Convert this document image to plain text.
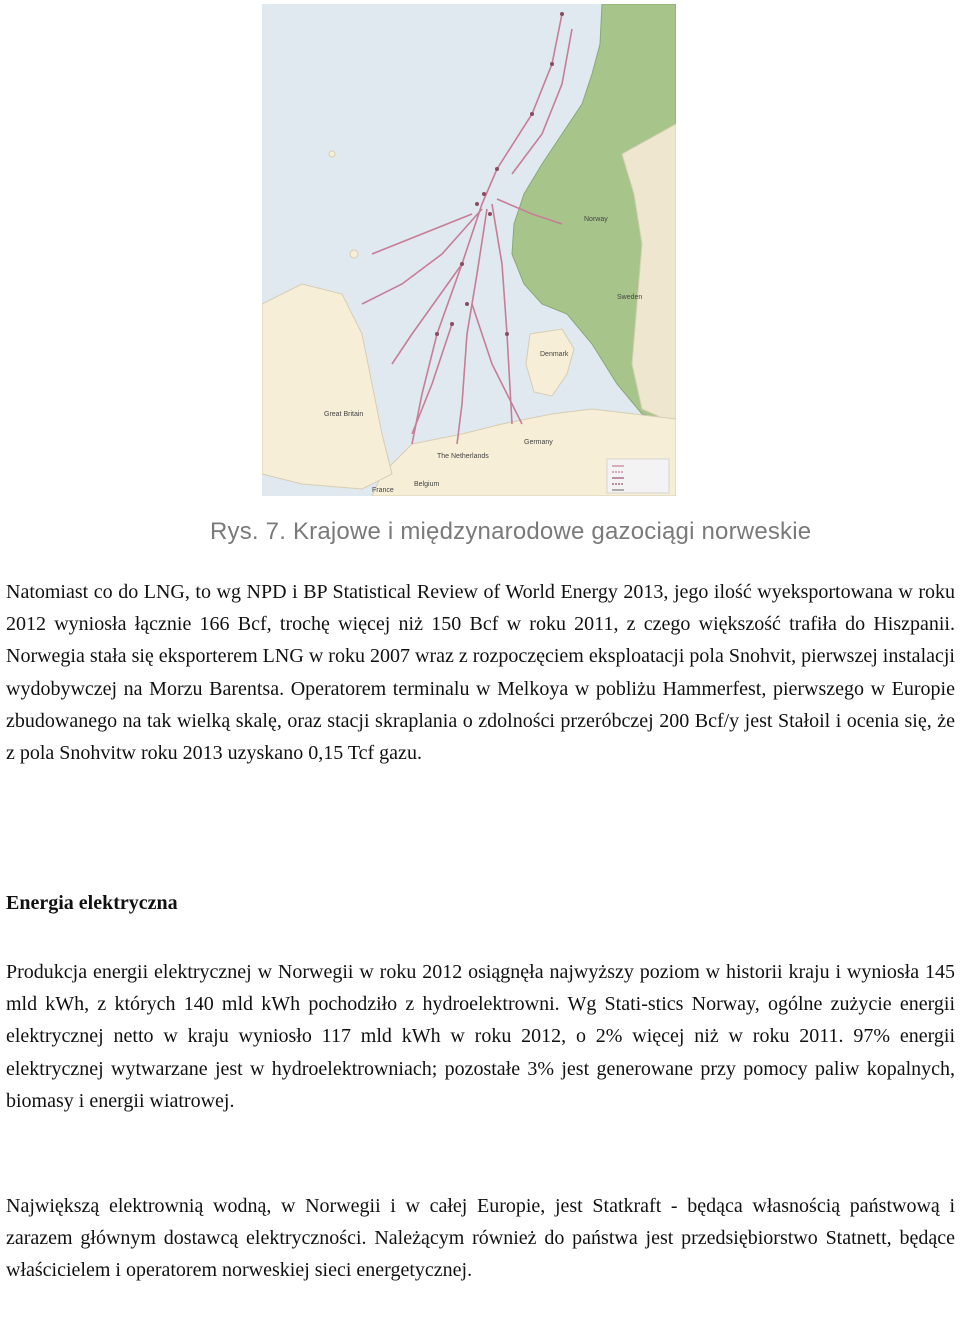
Norway
Sweden
Denmark
Great Britain
The Netherlands
Germany
Belgium
France
Rys. 7. Krajowe i międzynarodowe gazociągi norweskie

Natomiast co do LNG, to wg NPD i BP Statistical Review of World Energy 2013, jego ilość wyeksportowana w roku 2012 wyniosła łącznie 166 Bcf, trochę więcej niż 150 Bcf w roku 2011, z czego większość trafiła do Hiszpanii. Norwegia stała się eksporterem LNG w roku 2007 wraz z rozpoczęciem eksploatacji pola Snohvit, pierwszej instalacji wydobywczej na Morzu Barentsa. Operatorem terminalu w Melkoya w pobliżu Hammerfest, pierwszego w Europie zbudowanego na tak wielką skalę, oraz stacji skraplania o zdolności przeróbczej 200 Bcf/y jest Stałoil i ocenia się, że z pola Snohvitw roku 2013 uzyskano 0,15 Tcf gazu.

Energia elektryczna

Produkcja energii elektrycznej w Norwegii w roku 2012 osiągnęła najwyższy poziom w historii kraju i wyniosła 145 mld kWh, z których 140 mld kWh pochodziło z hydroelektrowni. Wg Stati-stics Norway, ogólne zużycie energii elektrycznej netto w kraju wyniosło 117 mld kWh w roku 2012, o 2% więcej niż w roku 2011. 97% energii elektrycznej wytwarzane jest w hydroelektrowniach; pozostałe 3% jest generowane przy pomocy paliw kopalnych, biomasy i energii wiatrowej.

Największą elektrownią wodną, w Norwegii i w całej Europie, jest Statkraft - będąca własnością państwową i zarazem głównym dostawcą elektryczności. Należącym również do państwa jest przedsiębiorstwo Statnett, będące właścicielem i operatorem norweskiej sieci energetycznej.
